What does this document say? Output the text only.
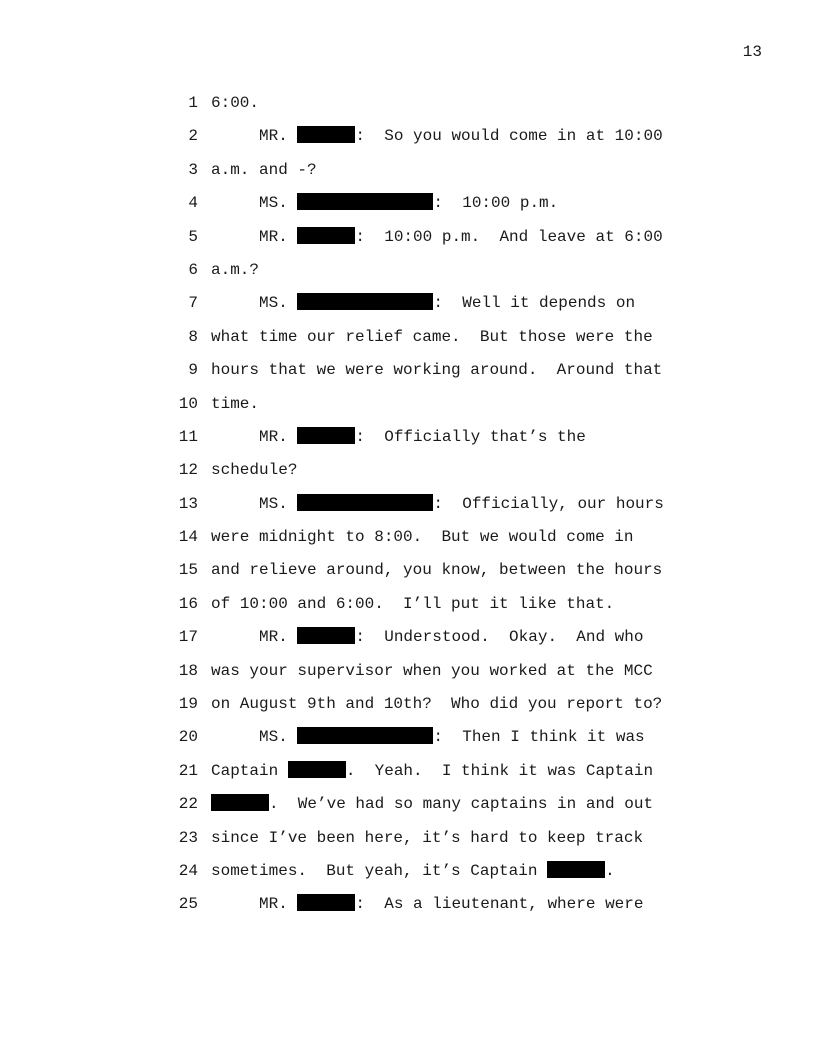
13
1 6:00.
2 MR.	:  So you would come in at 10:00
3 a.m. and -?
4 MS.	:  10:00 p.m.
5 MR.	:  10:00 p.m.  And leave at 6:00
6 a.m.?
7 MS.	:  Well it depends on
8 what time our relief came.  But those were the
9 hours that we were working around.  Around that
10 time.
11 MR.	:  Officially that’s the
12 schedule?
13 MS.	:  Officially, our hours
14 were midnight to 8:00.  But we would come in
15 and relieve around, you know, between the hours
16 of 10:00 and 6:00.  I’ll put it like that.
17 MR.	:  Understood.  Okay.  And who
18 was your supervisor when you worked at the MCC
19 on August 9th and 10th?  Who did you report to?
20 MS.	:  Then I think it was
21 Captain	.  Yeah.  I think it was Captain
22	.  We’ve had so many captains in and out
23 since I’ve been here, it’s hard to keep track
24 sometimes.  But yeah, it’s Captain	.
25 MR.	:  As a lieutenant, where were
